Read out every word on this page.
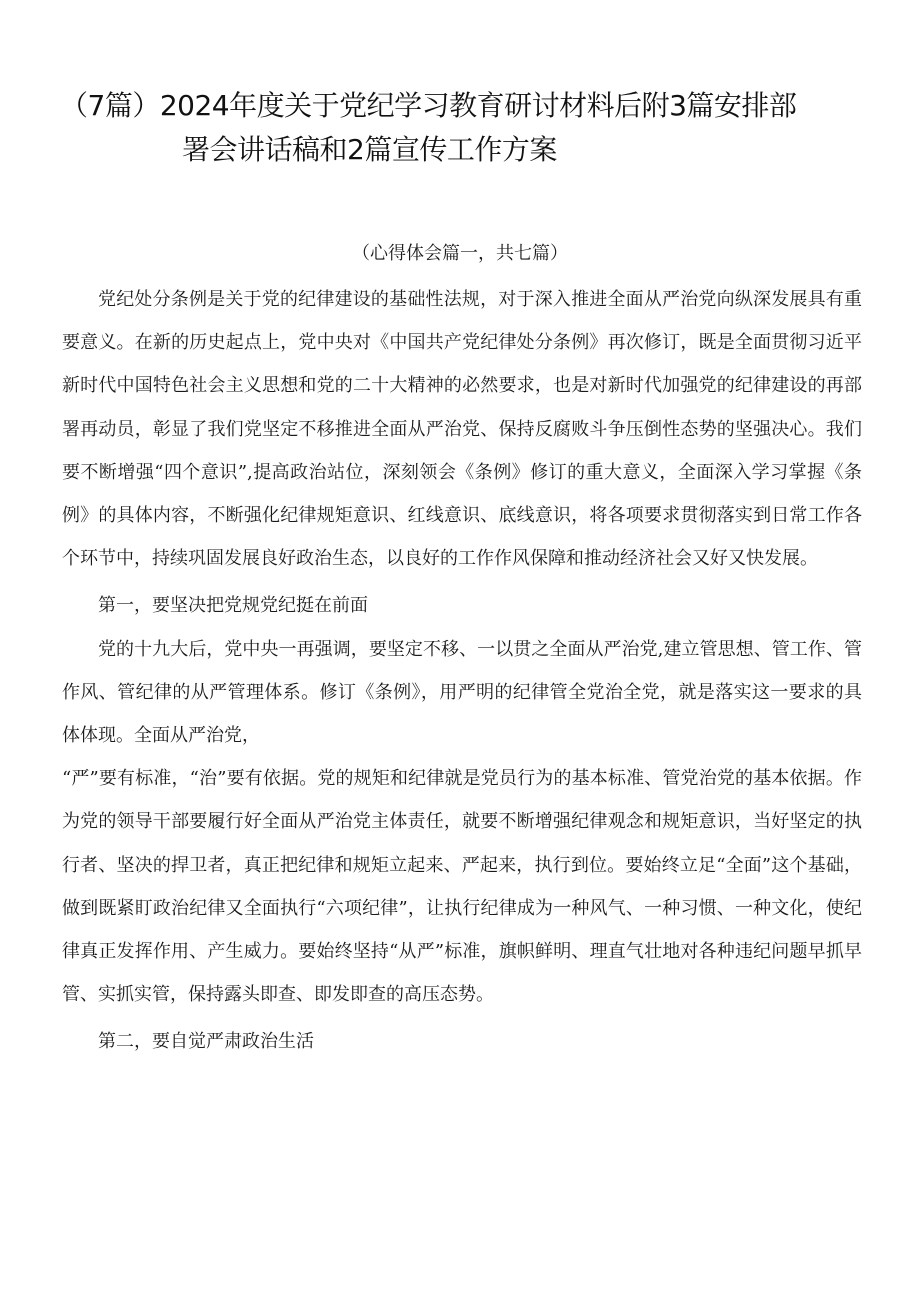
（7篇）2024年度关于党纪学习教育研讨材料后附3篇安排部
署会讲话稿和2篇宣传工作方案

（心得体会篇一，共七篇）

党纪处分条例是关于党的纪律建设的基础性法规，对于深入推进全面从严治党向纵深发展具有重要意义。在新的历史起点上，党中央对《中国共产党纪律处分条例》再次修订，既是全面贯彻习近平新时代中国特色社会主义思想和党的二十大精神的必然要求，也是对新时代加强党的纪律建设的再部署再动员，彰显了我们党坚定不移推进全面从严治党、保持反腐败斗争压倒性态势的坚强决心。我们要不断增强“四个意识”,提高政治站位，深刻领会《条例》修订的重大意义，全面深入学习掌握《条例》的具体内容，不断强化纪律规矩意识、红线意识、底线意识，将各项要求贯彻落实到日常工作各个环节中，持续巩固发展良好政治生态，以良好的工作作风保障和推动经济社会又好又快发展。

第一，要坚决把党规党纪挺在前面

党的十九大后，党中央一再强调，要坚定不移、一以贯之全面从严治党,建立管思想、管工作、管作风、管纪律的从严管理体系。修订《条例》，用严明的纪律管全党治全党，就是落实这一要求的具体体现。全面从严治党，

“严”要有标准，“治”要有依据。党的规矩和纪律就是党员行为的基本标准、管党治党的基本依据。作为党的领导干部要履行好全面从严治党主体责任，就要不断增强纪律观念和规矩意识，当好坚定的执行者、坚决的捍卫者，真正把纪律和规矩立起来、严起来，执行到位。要始终立足“全面”这个基础，做到既紧盯政治纪律又全面执行“六项纪律”，让执行纪律成为一种风气、一种习惯、一种文化，使纪律真正发挥作用、产生威力。要始终坚持“从严”标准，旗帜鲜明、理直气壮地对各种违纪问题早抓早管、实抓实管，保持露头即查、即发即查的高压态势。

第二，要自觉严肃政治生活
